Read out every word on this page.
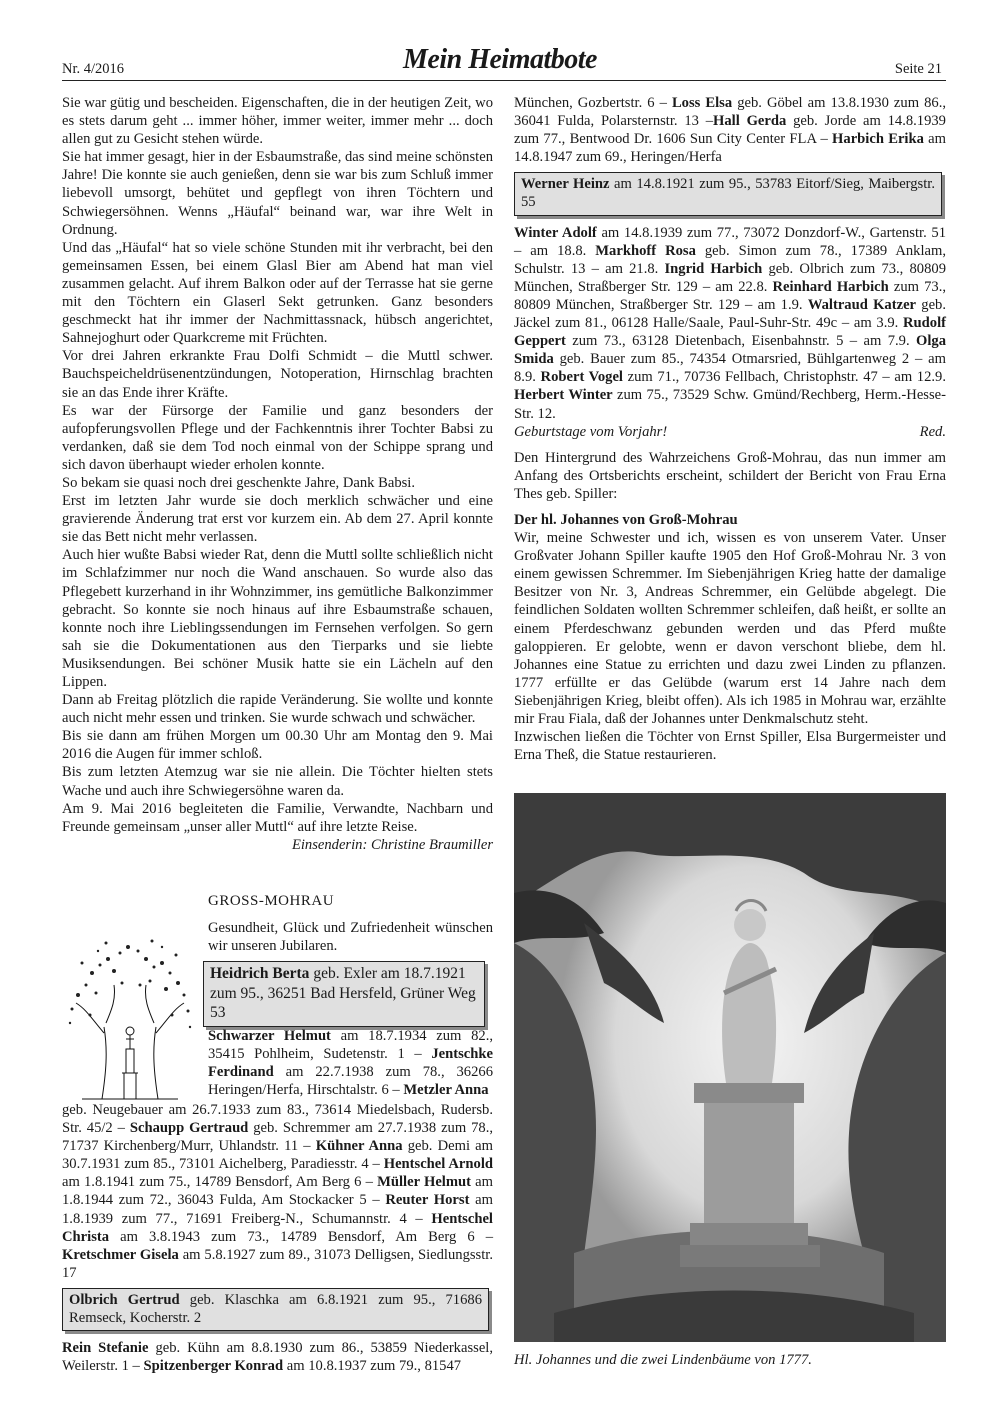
Nr. 4/2016	Mein Heimatbote	Seite 21

Sie war gütig und bescheiden. Eigenschaften, die in der heutigen Zeit, wo es stets darum geht ... immer höher, immer weiter, immer mehr ... doch allen gut zu Gesicht stehen würde.

Sie hat immer gesagt, hier in der Esbaumstraße, das sind meine schönsten Jahre! Die konnte sie auch genießen, denn sie war bis zum Schluß immer liebevoll umsorgt, behütet und gepflegt von ihren Töchtern und Schwiegersöhnen. Wenns „Häufal“ beinand war, war ihre Welt in Ordnung.

Und das „Häufal“ hat so viele schöne Stunden mit ihr verbracht, bei den gemeinsamen Essen, bei einem Glasl Bier am Abend hat man viel zusammen gelacht. Auf ihrem Balkon oder auf der Terrasse hat sie gerne mit den Töchtern ein Glaserl Sekt getrunken. Ganz besonders geschmeckt hat ihr immer der Nachmittassnack, hübsch angerichtet, Sahnejoghurt oder Quarkcreme mit Früchten.

Vor drei Jahren erkrankte Frau Dolfi Schmidt – die Muttl schwer. Bauchspeicheldrüsenentzündungen, Notoperation, Hirnschlag brachten sie an das Ende ihrer Kräfte.

Es war der Fürsorge der Familie und ganz besonders der aufopferungsvollen Pflege und der Fachkenntnis ihrer Tochter Babsi zu verdanken, daß sie dem Tod noch einmal von der Schippe sprang und sich davon überhaupt wieder erholen konnte.

So bekam sie quasi noch drei geschenkte Jahre, Dank Babsi.

Erst im letzten Jahr wurde sie doch merklich schwächer und eine gravierende Änderung trat erst vor kurzem ein. Ab dem 27. April konnte sie das Bett nicht mehr verlassen.

Auch hier wußte Babsi wieder Rat, denn die Muttl sollte schließlich nicht im Schlafzimmer nur noch die Wand anschauen. So wurde also das Pflegebett kurzerhand in ihr Wohnzimmer, ins gemütliche Balkonzimmer gebracht. So konnte sie noch hinaus auf ihre Esbaumstraße schauen, konnte noch ihre Lieblingssendungen im Fernsehen verfolgen. So gern sah sie die Dokumentationen aus den Tierparks und sie liebte Musiksendungen. Bei schöner Musik hatte sie ein Lächeln auf den Lippen.

Dann ab Freitag plötzlich die rapide Veränderung. Sie wollte und konnte auch nicht mehr essen und trinken. Sie wurde schwach und schwächer.

Bis sie dann am frühen Morgen um 00.30 Uhr am Montag den 9. Mai 2016 die Augen für immer schloß.

Bis zum letzten Atemzug war sie nie allein. Die Töchter hielten stets Wache und auch ihre Schwiegersöhne waren da.

Am 9. Mai 2016 begleiteten die Familie, Verwandte, Nachbarn und Freunde gemeinsam „unser aller Muttl“ auf ihre letzte Reise.

Einsenderin: Christine Braumiller

GROSS-MOHRAU

Gesundheit, Glück und Zufriedenheit wünschen wir unseren Jubilaren.

Heidrich Berta geb. Exler am 18.7.1921 zum 95., 36251 Bad Hersfeld, Grüner Weg 53

Schwarzer Helmut am 18.7.1934 zum 82., 35415 Pohlheim, Sudetenstr. 1 – Jentschke Ferdinand am 22.7.1938 zum 78., 36266 Heringen/Herfa, Hirschtalstr. 6 – Metzler Anna

geb. Neugebauer am 26.7.1933 zum 83., 73614 Miedelsbach, Rudersb. Str. 45/2 – Schaupp Gertraud geb. Schremmer am 27.7.1938 zum 78., 71737 Kirchenberg/Murr, Uhlandstr. 11 – Kühner Anna geb. Demi am 30.7.1931 zum 85., 73101 Aichelberg, Paradiesstr. 4 – Hentschel Arnold am 1.8.1941 zum 75., 14789 Bensdorf, Am Berg 6 – Müller Helmut am 1.8.1944 zum 72., 36043 Fulda, Am Stockacker 5 – Reuter Horst am 1.8.1939 zum 77., 71691 Freiberg-N., Schumannstr. 4 – Hentschel Christa am 3.8.1943 zum 73., 14789 Bensdorf, Am Berg 6 – Kretschmer Gisela am 5.8.1927 zum 89., 31073 Delligsen, Siedlungsstr. 17

Olbrich Gertrud geb. Klaschka am 6.8.1921 zum 95., 71686 Remseck, Kocherstr. 2

Rein Stefanie geb. Kühn am 8.8.1930 zum 86., 53859 Niederkassel, Weilerstr. 1 – Spitzenberger Konrad am 10.8.1937 zum 79., 81547

München, Gozbertstr. 6 – Loss Elsa geb. Göbel am 13.8.1930 zum 86., 36041 Fulda, Polarsternstr. 13 –Hall Gerda geb. Jorde am 14.8.1939 zum 77., Bentwood Dr. 1606 Sun City Center FLA – Harbich Erika am 14.8.1947 zum 69., Heringen/Herfa

Werner Heinz am 14.8.1921 zum 95., 53783 Eitorf/Sieg, Maibergstr. 55

Winter Adolf am 14.8.1939 zum 77., 73072 Donzdorf-W., Gartenstr. 51 – am 18.8. Markhoff Rosa geb. Simon zum 78., 17389 Anklam, Schulstr. 13 – am 21.8. Ingrid Harbich geb. Olbrich zum 73., 80809 München, Straßberger Str. 129 – am 22.8. Reinhard Harbich zum 73., 80809 München, Straßberger Str. 129 – am 1.9. Waltraud Katzer geb. Jäckel zum 81., 06128 Halle/Saale, Paul-Suhr-Str. 49c – am 3.9. Rudolf Geppert zum 73., 63128 Dietenbach, Eisenbahnstr. 5 – am 7.9. Olga Smida geb. Bauer zum 85., 74354 Otmarsried, Bühlgartenweg 2 – am 8.9. Robert Vogel zum 71., 70736 Fellbach, Christophstr. 47 – am 12.9. Herbert Winter zum 75., 73529 Schw. Gmünd/Rechberg, Herm.-Hesse-Str. 12.

Geburtstage vom Vorjahr!	Red.

Den Hintergrund des Wahrzeichens Groß-Mohrau, das nun immer am Anfang des Ortsberichts erscheint, schildert der Bericht von Frau Erna Thes geb. Spiller:

Der hl. Johannes von Groß-Mohrau

Wir, meine Schwester und ich, wissen es von unserem Vater. Unser Großvater Johann Spiller kaufte 1905 den Hof Groß-Mohrau Nr. 3 von einem gewissen Schremmer. Im Siebenjährigen Krieg hatte der damalige Besitzer von Nr. 3, Andreas Schremmer, ein Gelübde abgelegt. Die feindlichen Soldaten wollten Schremmer schleifen, daß heißt, er sollte an einem Pferdeschwanz gebunden werden und das Pferd mußte galoppieren. Er gelobte, wenn er davon verschont bliebe, dem hl. Johannes eine Statue zu errichten und dazu zwei Linden zu pflanzen. 1777 erfüllte er das Gelübde (warum erst 14 Jahre nach dem Siebenjährigen Krieg, bleibt offen). Als ich 1985 in Mohrau war, erzählte mir Frau Fiala, daß der Johannes unter Denkmalschutz steht.

Inzwischen ließen die Töchter von Ernst Spiller, Elsa Burgermeister und Erna Theß, die Statue restaurieren.

Hl. Johannes und die zwei Lindenbäume von 1777.
